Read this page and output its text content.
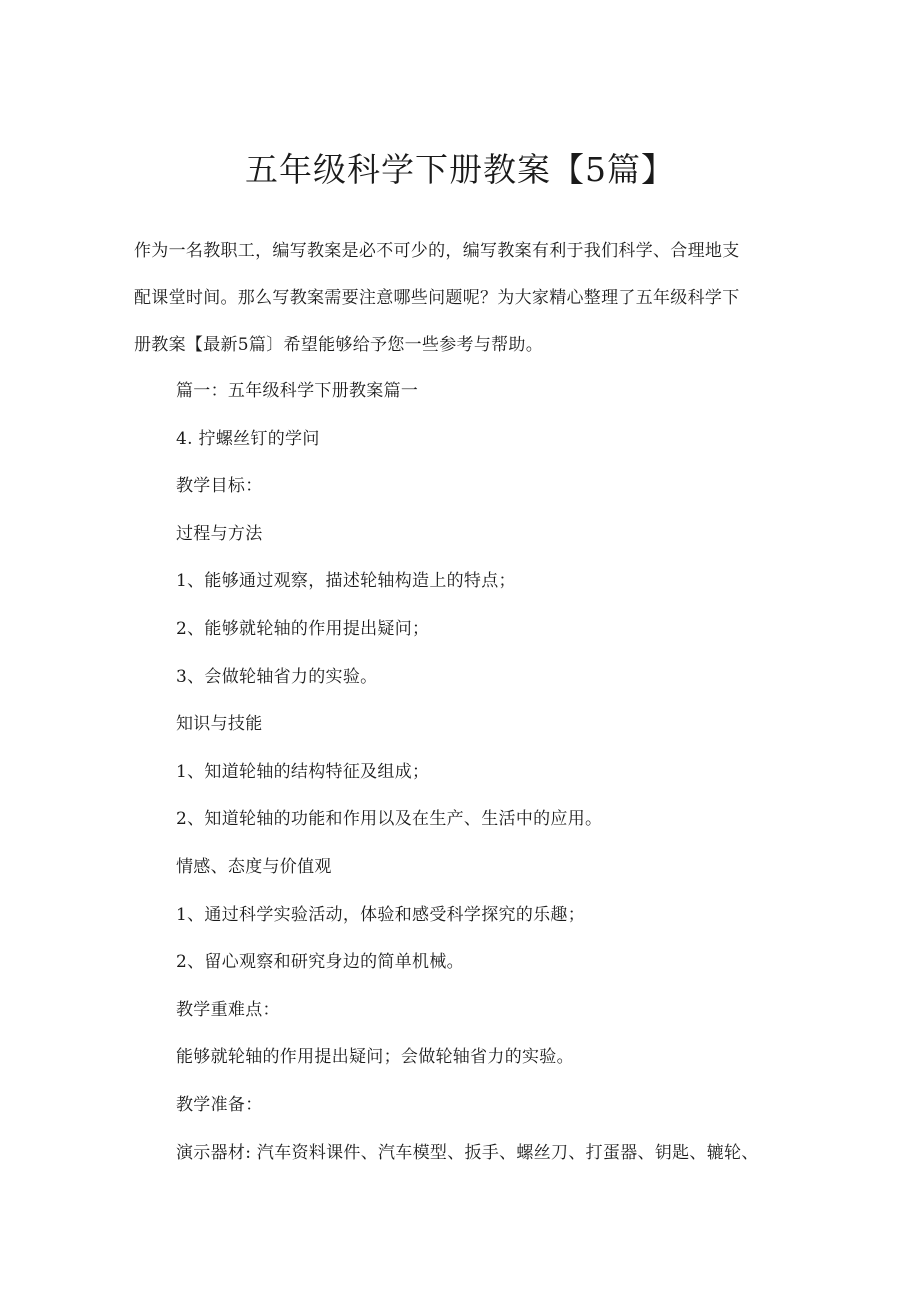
五年级科学下册教案【5篇】

作为一名教职工，编写教案是必不可少的，编写教案有利于我们科学、合理地支

配课堂时间。那么写教案需要注意哪些问题呢？为大家精心整理了五年级科学下

册教案【最新5篇〕希望能够给予您一些参考与帮助。

篇一：五年级科学下册教案篇一
4. 拧螺丝钉的学问
教学目标：
过程与方法
1、能够通过观察，描述轮轴构造上的特点；
2、能够就轮轴的作用提出疑问；
3、会做轮轴省力的实验。
知识与技能
1、知道轮轴的结构特征及组成；
2、知道轮轴的功能和作用以及在生产、生活中的应用。
情感、态度与价值观
1、通过科学实验活动，体验和感受科学探究的乐趣；
2、留心观察和研究身边的简单机械。
教学重难点：
能够就轮轴的作用提出疑问；会做轮轴省力的实验。
教学准备：
演示器材: 汽车资料课件、汽车模型、扳手、螺丝刀、打蛋器、钥匙、辘轮、
